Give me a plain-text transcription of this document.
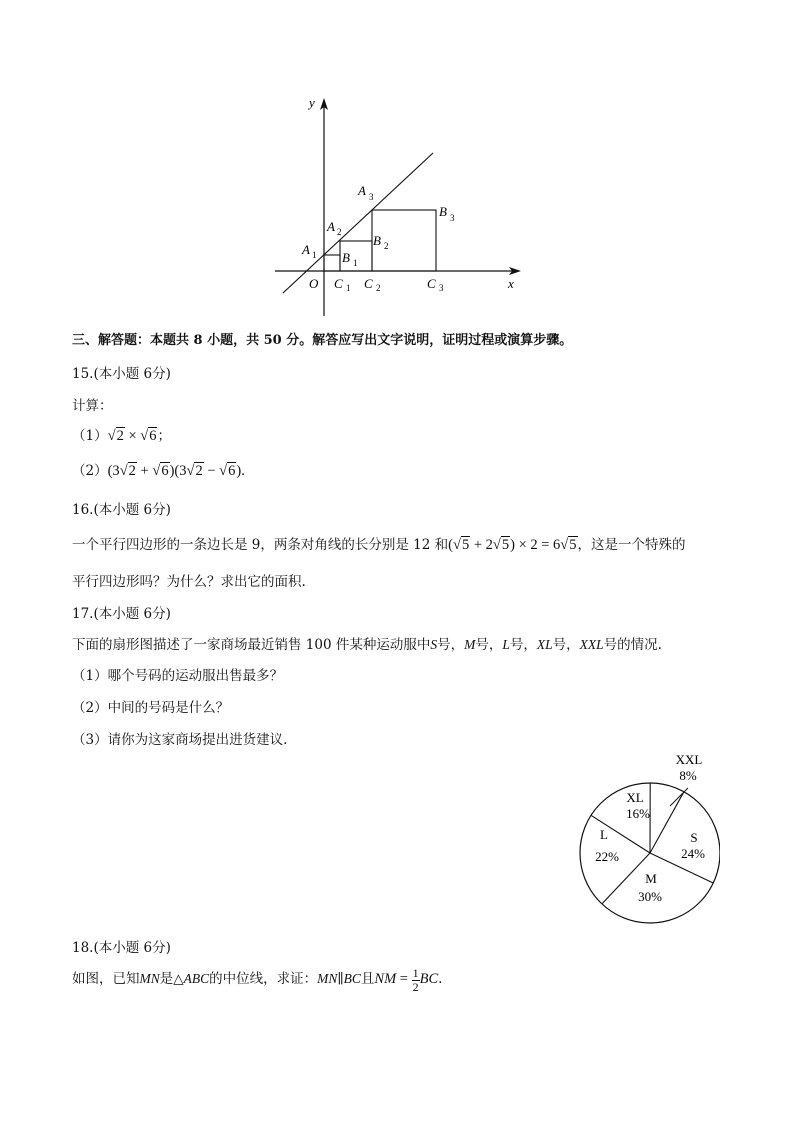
y
x
O
A 1
A 2
A 3
B 1
B 2
B 3
C 1 C 2	C 3
三、解答题：本题共 8 小题，共 50 分。解答应写出文字说明，证明过程或演算步骤。
15.(本小题 6分)
计算：
（1）√2 × √6；
（2）(3√2 + √6)(3√2 − √6).
16.(本小题 6分)
一个平行四边形的一条边长是 9，两条对角线的长分别是 12 和(√5 + 2√5) × 2 = 6√5，这是一个特殊的
平行四边形吗？为什么？求出它的面积.
17.(本小题 6分)
下面的扇形图描述了一家商场最近销售 100 件某种运动服中S号，M号，L号，XL号，XXL号的情况.
（1）哪个号码的运动服出售最多？
（2）中间的号码是什么？
（3）请你为这家商场提出进货建议.
XXL
8%
XL
16%
S
24%
L
22%
M
30%
18.(本小题 6分)
如图，已知MN是△ABC的中位线，求证：MN∥BC且NM = $\frac{1}{2}$ BC.
